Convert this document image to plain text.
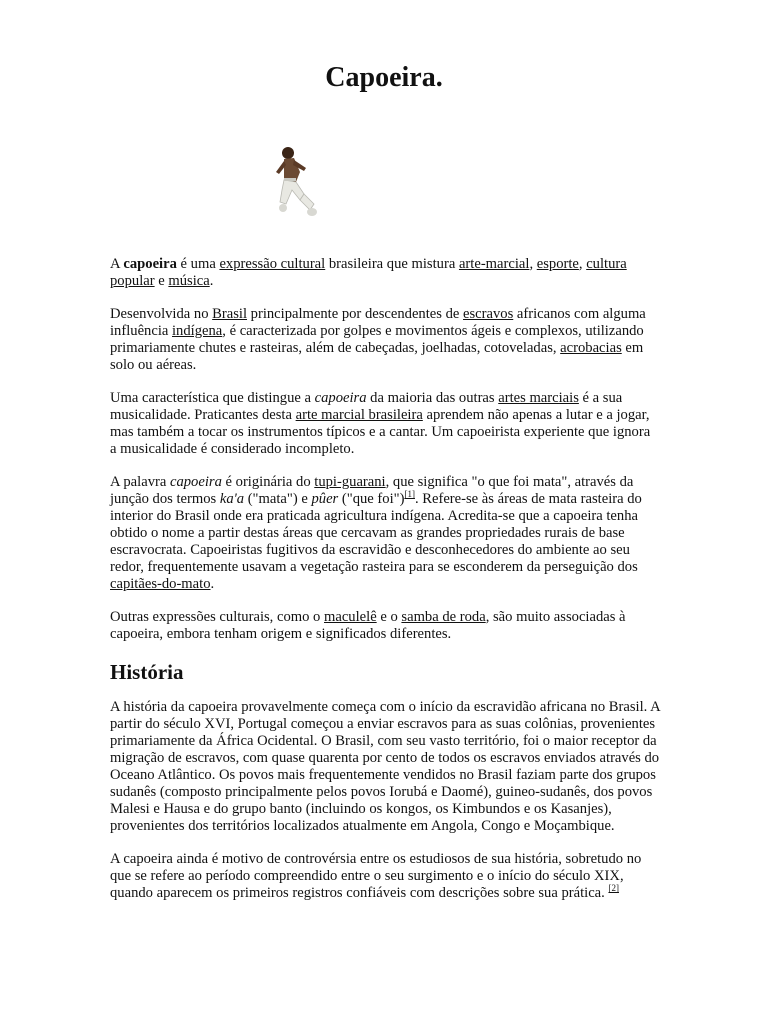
Capoeira.

A capoeira é uma expressão cultural brasileira que mistura arte-marcial, esporte, cultura popular e música.

Desenvolvida no Brasil principalmente por descendentes de escravos africanos com alguma influência indígena, é caracterizada por golpes e movimentos ágeis e complexos, utilizando primariamente chutes e rasteiras, além de cabeçadas, joelhadas, cotoveladas, acrobacias em solo ou aéreas.

Uma característica que distingue a capoeira da maioria das outras artes marciais é a sua musicalidade. Praticantes desta arte marcial brasileira aprendem não apenas a lutar e a jogar, mas também a tocar os instrumentos típicos e a cantar. Um capoeirista experiente que ignora a musicalidade é considerado incompleto.

A palavra capoeira é originária do tupi-guarani, que significa "o que foi mata", através da junção dos termos ka'a ("mata") e pûer ("que foi")[1]. Refere-se às áreas de mata rasteira do interior do Brasil onde era praticada agricultura indígena. Acredita-se que a capoeira tenha obtido o nome a partir destas áreas que cercavam as grandes propriedades rurais de base escravocrata. Capoeiristas fugitivos da escravidão e desconhecedores do ambiente ao seu redor, frequentemente usavam a vegetação rasteira para se esconderem da perseguição dos capitães-do-mato.

Outras expressões culturais, como o maculelê e o samba de roda, são muito associadas à capoeira, embora tenham origem e significados diferentes.

História

A história da capoeira provavelmente começa com o início da escravidão africana no Brasil. A partir do século XVI, Portugal começou a enviar escravos para as suas colônias, provenientes primariamente da África Ocidental. O Brasil, com seu vasto território, foi o maior receptor da migração de escravos, com quase quarenta por cento de todos os escravos enviados através do Oceano Atlântico. Os povos mais frequentemente vendidos no Brasil faziam parte dos grupos sudanês (composto principalmente pelos povos Iorubá e Daomé), guineo-sudanês, dos povos Malesi e Hausa e do grupo banto (incluindo os kongos, os Kimbundos e os Kasanjes), provenientes dos territórios localizados atualmente em Angola, Congo e Moçambique.

A capoeira ainda é motivo de controvérsia entre os estudiosos de sua história, sobretudo no que se refere ao período compreendido entre o seu surgimento e o início do século XIX, quando aparecem os primeiros registros confiáveis com descrições sobre sua prática. [2]
